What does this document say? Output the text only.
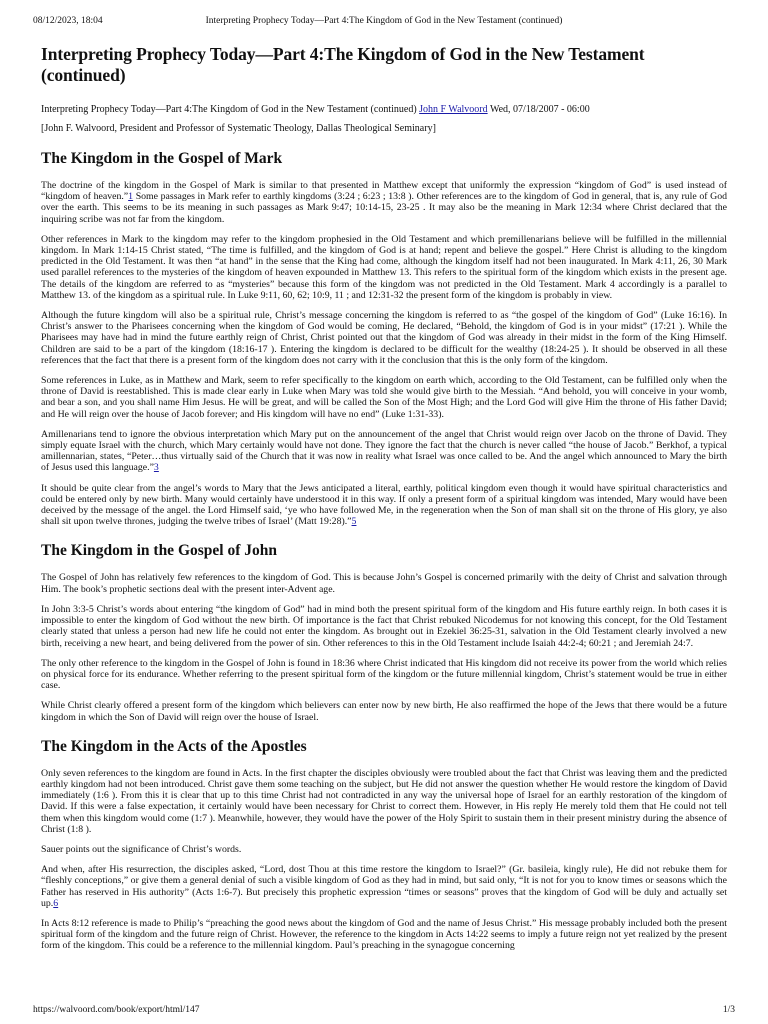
08/12/2023, 18:04	Interpreting Prophecy Today—Part 4:The Kingdom of God in the New Testament (continued)
Interpreting Prophecy Today—Part 4:The Kingdom of God in the New Testament (continued)

Interpreting Prophecy Today—Part 4:The Kingdom of God in the New Testament (continued) John F Walvoord Wed, 07/18/2007 - 06:00

[John F. Walvoord, President and Professor of Systematic Theology, Dallas Theological Seminary]

The Kingdom in the Gospel of Mark

The doctrine of the kingdom in the Gospel of Mark is similar to that presented in Matthew except that uniformly the expression “kingdom of God” is used instead of “kingdom of heaven.”1 Some passages in Mark refer to earthly kingdoms (3:24 ; 6:23 ; 13:8 ). Other references are to the kingdom of God in general, that is, any rule of God over the earth. This seems to be its meaning in such passages as Mark 9:47; 10:14-15, 23-25 . It may also be the meaning in Mark 12:34 where Christ declared that the inquiring scribe was not far from the kingdom.

Other references in Mark to the kingdom may refer to the kingdom prophesied in the Old Testament and which premillenarians believe will be fulfilled in the millennial kingdom. In Mark 1:14-15 Christ stated, “The time is fulfilled, and the kingdom of God is at hand; repent and believe the gospel.” Here Christ is alluding to the kingdom predicted in the Old Testament. It was then “at hand” in the sense that the King had come, although the kingdom itself had not been inaugurated. In Mark 4:11, 26, 30 Mark used parallel references to the mysteries of the kingdom of heaven expounded in Matthew 13. This refers to the spiritual form of the kingdom which exists in the present age. The details of the kingdom are referred to as “mysteries” because this form of the kingdom was not predicted in the Old Testament. Mark 4 accordingly is a parallel to Matthew 13. of the kingdom as a spiritual rule. In Luke 9:11, 60, 62; 10:9, 11 ; and 12:31-32 the present form of the kingdom is probably in view.

Although the future kingdom will also be a spiritual rule, Christ’s message concerning the kingdom is referred to as “the gospel of the kingdom of God” (Luke 16:16). In Christ’s answer to the Pharisees concerning when the kingdom of God would be coming, He declared, “Behold, the kingdom of God is in your midst” (17:21 ). While the Pharisees may have had in mind the future earthly reign of Christ, Christ pointed out that the kingdom of God was already in their midst in the form of the King Himself. Children are said to be a part of the kingdom (18:16-17 ). Entering the kingdom is declared to be difficult for the wealthy (18:24-25 ). It should be observed in all these references that the fact that there is a present form of the kingdom does not carry with it the conclusion that this is the only form of the kingdom.

Some references in Luke, as in Matthew and Mark, seem to refer specifically to the kingdom on earth which, according to the Old Testament, can be fulfilled only when the throne of David is reestablished. This is made clear early in Luke when Mary was told she would give birth to the Messiah. “And behold, you will conceive in your womb, and bear a son, and you shall name Him Jesus. He will be great, and will be called the Son of the Most High; and the Lord God will give Him the throne of His father David; and He will reign over the house of Jacob forever; and His kingdom will have no end” (Luke 1:31-33).

Amillenarians tend to ignore the obvious interpretation which Mary put on the announcement of the angel that Christ would reign over Jacob on the throne of David. They simply equate Israel with the church, which Mary certainly would have not done. They ignore the fact that the church is never called “the house of Jacob.” Berkhof, a typical amillennarian, states, “Peter…thus virtually said of the Church that it was now in reality what Israel was once called to be. And the angel which announced to Mary the birth of Jesus used this language.”3

It should be quite clear from the angel’s words to Mary that the Jews anticipated a literal, earthly, political kingdom even though it would have spiritual characteristics and could be entered only by new birth. Many would certainly have understood it in this way. If only a present form of a spiritual kingdom was intended, Mary would have been deceived by the message of the angel. the Lord Himself said, ‘ye who have followed Me, in the regeneration when the Son of man shall sit on the throne of His glory, ye also shall sit upon twelve thrones, judging the twelve tribes of Israel’ (Matt 19:28).”5

The Kingdom in the Gospel of John

The Gospel of John has relatively few references to the kingdom of God. This is because John’s Gospel is concerned primarily with the deity of Christ and salvation through Him. The book’s prophetic sections deal with the present inter-Advent age.

In John 3:3-5 Christ’s words about entering “the kingdom of God” had in mind both the present spiritual form of the kingdom and His future earthly reign. In both cases it is impossible to enter the kingdom of God without the new birth. Of importance is the fact that Christ rebuked Nicodemus for not knowing this concept, for the Old Testament clearly stated that unless a person had new life he could not enter the kingdom. As brought out in Ezekiel 36:25-31, salvation in the Old Testament clearly involved a new birth, receiving a new heart, and being delivered from the power of sin. Other references to this in the Old Testament include Isaiah 44:2-4; 60:21 ; and Jeremiah 24:7.

The only other reference to the kingdom in the Gospel of John is found in 18:36 where Christ indicated that His kingdom did not receive its power from the world which relies on physical force for its endurance. Whether referring to the present spiritual form of the kingdom or the future millennial kingdom, Christ’s statement would be true in either case.

While Christ clearly offered a present form of the kingdom which believers can enter now by new birth, He also reaffirmed the hope of the Jews that there would be a future kingdom in which the Son of David will reign over the house of Israel.

The Kingdom in the Acts of the Apostles

Only seven references to the kingdom are found in Acts. In the first chapter the disciples obviously were troubled about the fact that Christ was leaving them and the predicted earthly kingdom had not been introduced. Christ gave them some teaching on the subject, but He did not answer the question whether He would restore the kingdom of David immediately (1:6 ). From this it is clear that up to this time Christ had not contradicted in any way the universal hope of Israel for an earthly restoration of the kingdom of David. If this were a false expectation, it certainly would have been necessary for Christ to correct them. However, in His reply He merely told them that He could not tell them when this kingdom would come (1:7 ). Meanwhile, however, they would have the power of the Holy Spirit to sustain them in their present ministry during the absence of Christ (1:8 ).

Sauer points out the significance of Christ’s words.

And when, after His resurrection, the disciples asked, “Lord, dost Thou at this time restore the kingdom to Israel?” (Gr. basileia, kingly rule), He did not rebuke them for “fleshly conceptions,” or give them a general denial of such a visible kingdom of God as they had in mind, but said only, “It is not for you to know times or seasons which the Father has reserved in His authority” (Acts 1:6-7). But precisely this prophetic expression “times or seasons” proves that the kingdom of God will be duly and actually set up.6

In Acts 8:12 reference is made to Philip’s “preaching the good news about the kingdom of God and the name of Jesus Christ.” His message probably included both the present spiritual form of the kingdom and the future reign of Christ. However, the reference to the kingdom in Acts 14:22 seems to imply a future reign not yet realized by the present form of the kingdom. This could be a reference to the millennial kingdom. Paul’s preaching in the synagogue concerning

https://walvoord.com/book/export/html/147	1/3
